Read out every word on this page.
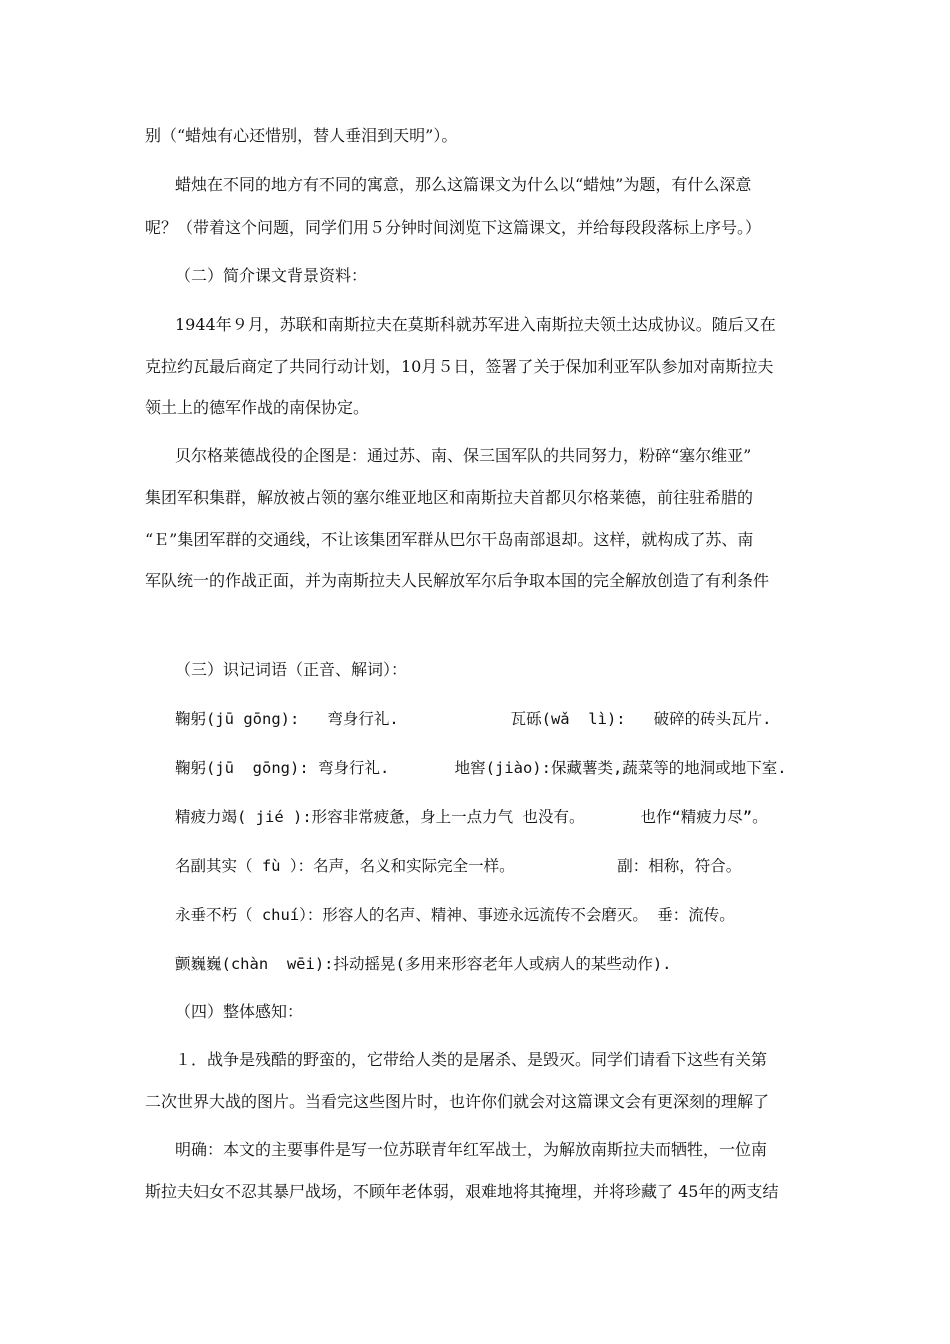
别（“蜡烛有心还惜别，替人垂泪到天明”）。
蜡烛在不同的地方有不同的寓意，那么这篇课文为什么以“蜡烛”为题，有什么深意
呢？（带着这个问题，同学们用５分钟时间浏览下这篇课文，并给每段段落标上序号。）
（二）简介课文背景资料：
1944年９月，苏联和南斯拉夫在莫斯科就苏军进入南斯拉夫领土达成协议。随后又在
克拉约瓦最后商定了共同行动计划，10月５日，签署了关于保加利亚军队参加对南斯拉夫
领土上的德军作战的南保协定。
贝尔格莱德战役的企图是：通过苏、南、保三国军队的共同努力，粉碎“塞尔维亚”
集团军积集群，解放被占领的塞尔维亚地区和南斯拉夫首都贝尔格莱德，前往驻希腊的
“Ｅ”集团军群的交通线，不让该集团军群从巴尔干岛南部退却。这样，就构成了苏、南
军队统一的作战正面，并为南斯拉夫人民解放军尔后争取本国的完全解放创造了有利条件
（三）识记词语（正音、解词）：
鞠躬(jū gōng):   弯身行礼.            瓦砾(wǎ  lì):   破碎的砖头瓦片.
鞠躬(jū  gōng): 弯身行礼.       地窖(jiào):保藏薯类,蔬菜等的地洞或地下室.
精疲力竭( jié ):形容非常疲惫，身上一点力气 也没有。      也作“精疲力尽”。
名副其实（ fù ）：名声，名义和实际完全一样。           副：相称，符合。
永垂不朽（ chuí）：形容人的名声、精神、事迹永远流传不会磨灭。 垂：流传。
颤巍巍(chàn  wēi):抖动摇晃(多用来形容老年人或病人的某些动作).
（四）整体感知：
１．战争是残酷的野蛮的，它带给人类的是屠杀、是毁灭。同学们请看下这些有关第
二次世界大战的图片。当看完这些图片时，也许你们就会对这篇课文会有更深刻的理解了
明确：本文的主要事件是写一位苏联青年红军战士，为解放南斯拉夫而牺牲，一位南
斯拉夫妇女不忍其暴尸战场，不顾年老体弱，艰难地将其掩埋，并将珍藏了 45年的两支结
